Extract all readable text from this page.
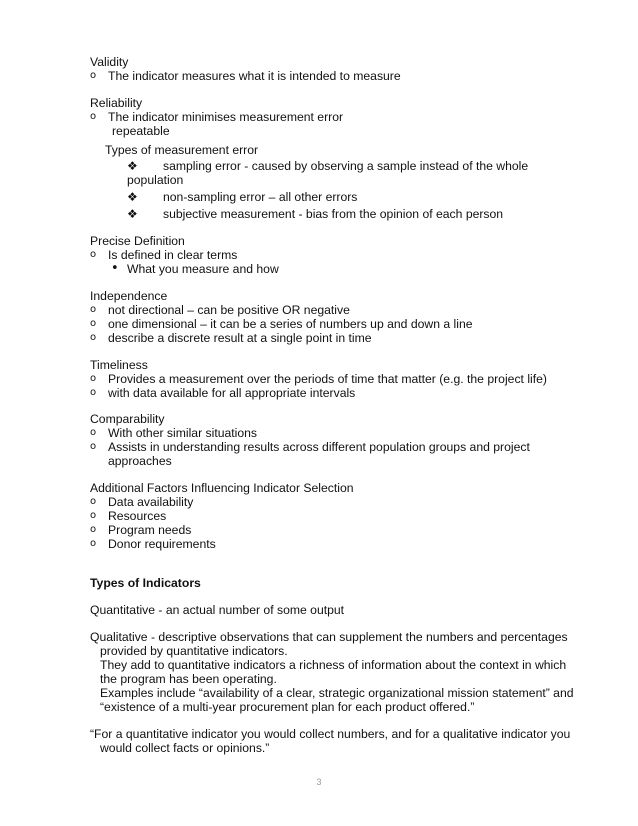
Validity
o The indicator measures what it is intended to measure
Reliability
o The indicator minimises measurement error
repeatable
Types of measurement error
❖ sampling error - caused by observing a sample instead of the whole
population
❖ non-sampling error – all other errors
❖ subjective measurement - bias from the opinion of each person
Precise Definition
o Is defined in clear terms
• What you measure and how
Independence
o not directional – can be positive OR negative
o one dimensional – it can be a series of numbers up and down a line
o describe a discrete result at a single point in time
Timeliness
o Provides a measurement over the periods of time that matter (e.g. the project life)
o with data available for all appropriate intervals
Comparability
o With other similar situations
o Assists in understanding results across different population groups and project
approaches
Additional Factors Influencing Indicator Selection
o Data availability
o Resources
o Program needs
o Donor requirements
Types of Indicators
Quantitative - an actual number of some output
Qualitative - descriptive observations that can supplement the numbers and percentages
provided by quantitative indicators.
They add to quantitative indicators a richness of information about the context in which
the program has been operating.
Examples include “availability of a clear, strategic organizational mission statement” and
“existence of a multi-year procurement plan for each product offered.”
“For a quantitative indicator you would collect numbers, and for a qualitative indicator you
would collect facts or opinions.”
3
